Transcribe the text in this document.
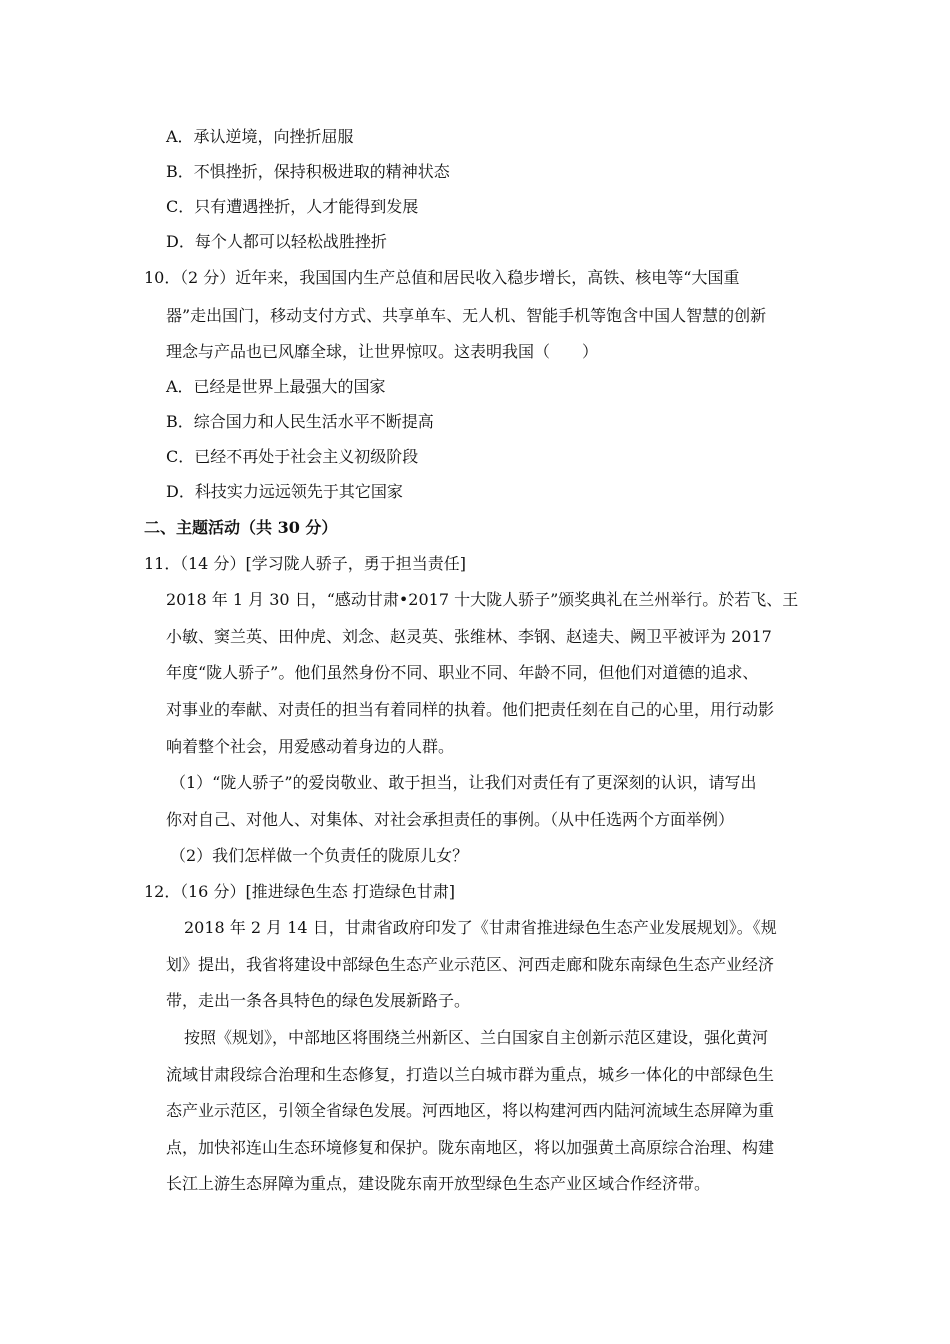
A．承认逆境，向挫折屈服
B．不惧挫折，保持积极进取的精神状态
C．只有遭遇挫折，人才能得到发展
D．每个人都可以轻松战胜挫折
10．
（2 分）近年来，我国国内生产总值和居民收入稳步增长，高铁、核电等“大国重
器”走出国门，移动支付方式、共享单车、无人机、智能手机等饱含中国人智慧的创新
理念与产品也已风靡全球，让世界惊叹。这表明我国（　　）
A．已经是世界上最强大的国家
B．综合国力和人民生活水平不断提高
C．已经不再处于社会主义初级阶段
D．科技实力远远领先于其它国家
二、主题活动（共 30 分）
11．
（14 分）[学习陇人骄子，勇于担当责任]
2018 年 1 月 30 日，“感动甘肃•2017 十大陇人骄子”颁奖典礼在兰州举行。於若飞、王
小敏、窦兰英、田仲虎、刘念、赵灵英、张维林、李钢、赵逵夫、阙卫平被评为 2017
年度“陇人骄子”。他们虽然身份不同、职业不同、年龄不同，但他们对道德的追求、
对事业的奉献、对责任的担当有着同样的执着。他们把责任刻在自己的心里，用行动影
响着整个社会，用爱感动着身边的人群。
（1）“陇人骄子”的爱岗敬业、敢于担当，让我们对责任有了更深刻的认识，请写出
你对自己、对他人、对集体、对社会承担责任的事例。（从中任选两个方面举例）
（2）我们怎样做一个负责任的陇原儿女？
12．
（16 分）[推进绿色生态 打造绿色甘肃]
2018 年 2 月 14 日，甘肃省政府印发了《甘肃省推进绿色生态产业发展规划》。《规
划》提出，我省将建设中部绿色生态产业示范区、河西走廊和陇东南绿色生态产业经济
带，走出一条各具特色的绿色发展新路子。
按照《规划》，中部地区将围绕兰州新区、兰白国家自主创新示范区建设，强化黄河
流域甘肃段综合治理和生态修复，打造以兰白城市群为重点，城乡一体化的中部绿色生
态产业示范区，引领全省绿色发展。河西地区，将以构建河西内陆河流域生态屏障为重
点，加快祁连山生态环境修复和保护。陇东南地区，将以加强黄土高原综合治理、构建
长江上游生态屏障为重点，建设陇东南开放型绿色生态产业区域合作经济带。
